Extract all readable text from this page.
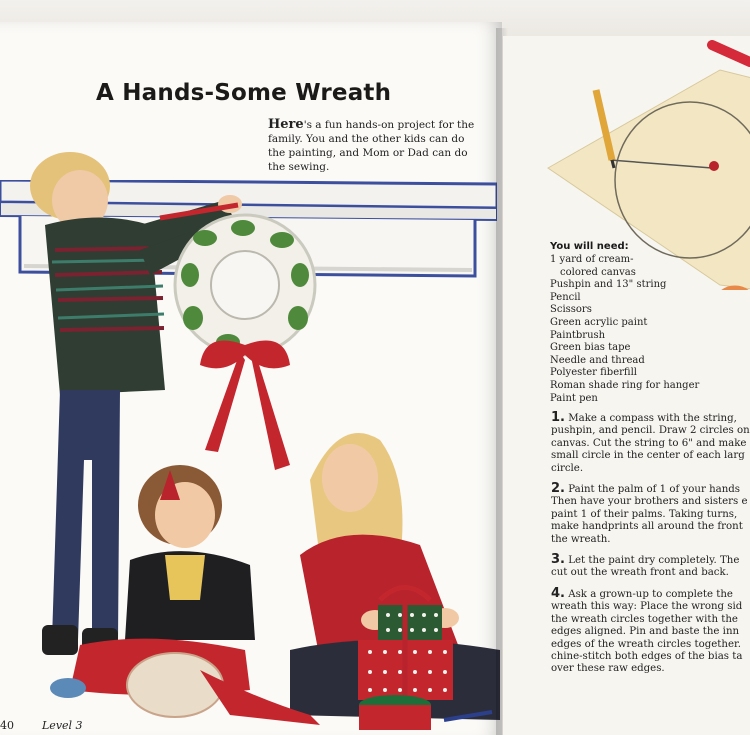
A Hands-Some Wreath

Here's a fun hands-on project for the family. You and the other kids can do the painting, and Mom or Dad can do the sewing.

40	Level 3
You will need:
1 yard of cream-
colored canvas
Pushpin and 13" string
Pencil
Scissors
Green acrylic paint
Paintbrush
Green bias tape
Needle and thread
Polyester fiberfill
Roman shade ring for hanger
Paint pen
1. Make a compass with the string,
pushpin, and pencil. Draw 2 circles on
canvas. Cut the string to 6" and make
small circle in the center of each larg
circle.
2. Paint the palm of 1 of your hands
Then have your brothers and sisters e
paint 1 of their palms. Taking turns,
make handprints all around the front
the wreath.
3. Let the paint dry completely. The
cut out the wreath front and back.
4. Ask a grown-up to complete the
wreath this way: Place the wrong sid
the wreath circles together with the
edges aligned. Pin and baste the inn
edges of the wreath circles together.
chine-stitch both edges of the bias ta
over these raw edges.
